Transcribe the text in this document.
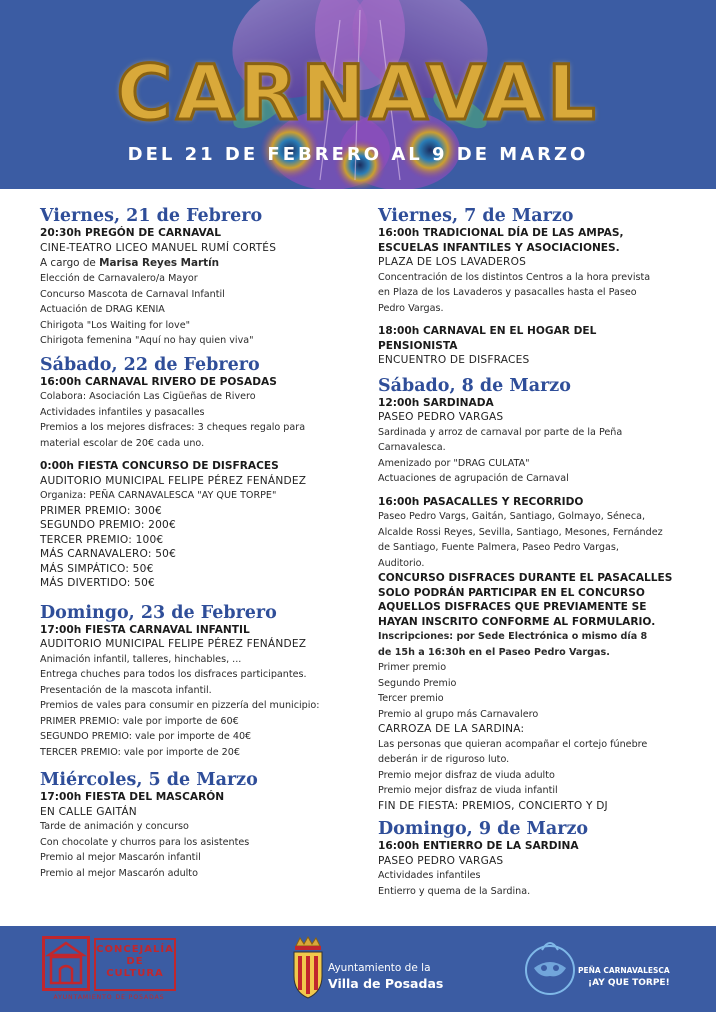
CARNAVAL
DEL 21 DE FEBRERO AL 9 DE MARZO
Viernes, 21 de Febrero
20:30h PREGÓN DE CARNAVAL
CINE-TEATRO LICEO MANUEL RUMÍ CORTÉS
A cargo de Marisa Reyes Martín
Elección de Carnavalero/a Mayor
Concurso Mascota de Carnaval Infantil
Actuación de DRAG KENIA
Chirigota "Los Waiting for love"
Chirigota femenina "Aquí no hay quien viva"
Sábado, 22 de Febrero
16:00h CARNAVAL RIVERO DE POSADAS
Colabora: Asociación Las Cigüeñas de Rivero
Actividades infantiles y pasacalles
Premios a los mejores disfraces: 3 cheques regalo para
material escolar de 20€ cada uno.
0:00h FIESTA CONCURSO DE DISFRACES
AUDITORIO MUNICIPAL FELIPE PÉREZ FENÁNDEZ
Organiza: PEÑA CARNAVALESCA "AY QUE TORPE"
PRIMER PREMIO: 300€
SEGUNDO PREMIO: 200€
TERCER PREMIO: 100€
MÁS CARNAVALERO: 50€
MÁS SIMPÁTICO: 50€
MÁS DIVERTIDO: 50€
Domingo, 23 de Febrero
17:00h FIESTA CARNAVAL INFANTIL
AUDITORIO MUNICIPAL FELIPE PÉREZ FENÁNDEZ
Animación infantil, talleres, hinchables, ...
Entrega chuches para todos los disfraces participantes.
Presentación de la mascota infantil.
Premios de vales para consumir en pizzería del municipio:
PRIMER PREMIO: vale por importe de 60€
SEGUNDO PREMIO: vale por importe de 40€
TERCER PREMIO: vale por importe de 20€
Miércoles, 5 de Marzo
17:00h FIESTA DEL MASCARÓN
EN CALLE GAITÁN
Tarde de animación y concurso
Con chocolate y churros para los asistentes
Premio al mejor Mascarón infantil
Premio al mejor Mascarón adulto
Viernes, 7 de Marzo
16:00h TRADICIONAL DÍA DE LAS AMPAS,
ESCUELAS INFANTILES Y ASOCIACIONES.
PLAZA DE LOS LAVADEROS
Concentración de los distintos Centros a la hora prevista
en Plaza de los Lavaderos y pasacalles hasta el Paseo
Pedro Vargas.
18:00h CARNAVAL EN EL HOGAR DEL
PENSIONISTA
ENCUENTRO DE DISFRACES
Sábado, 8 de Marzo
12:00h SARDINADA
PASEO PEDRO VARGAS
Sardinada y arroz de carnaval por parte de la Peña
Carnavalesca.
Amenizado por "DRAG CULATA"
Actuaciones de agrupación de Carnaval
16:00h PASACALLES Y RECORRIDO
Paseo Pedro Vargs, Gaitán, Santiago, Golmayo, Séneca,
Alcalde Rossi Reyes, Sevilla, Santiago, Mesones, Fernández
de Santiago, Fuente Palmera, Paseo Pedro Vargas,
Auditorio.
CONCURSO DISFRACES DURANTE EL PASACALLES
SOLO PODRÁN PARTICIPAR EN EL CONCURSO
AQUELLOS DISFRACES QUE PREVIAMENTE SE
HAYAN INSCRITO CONFORME AL FORMULARIO.
Inscripciones: por Sede Electrónica o mismo día 8
de 15h a 16:30h en el Paseo Pedro Vargas.
Primer premio
Segundo Premio
Tercer premio
Premio al grupo más Carnavalero
CARROZA DE LA SARDINA:
Las personas que quieran acompañar el cortejo fúnebre
deberán ir de riguroso luto.
Premio mejor disfraz de viuda adulto
Premio mejor disfraz de viuda infantil
FIN DE FIESTA: PREMIOS, CONCIERTO Y DJ
Domingo, 9 de Marzo
16:00h ENTIERRO DE LA SARDINA
PASEO PEDRO VARGAS
Actividades infantiles
Entierro y quema de la Sardina.
CONCEJALÍA DE CULTURA
AYUNTAMIENTO DE POSADAS
Ayuntamiento de la
Villa de Posadas
PEÑA CARNAVALESCA
¡AY QUE TORPE!
